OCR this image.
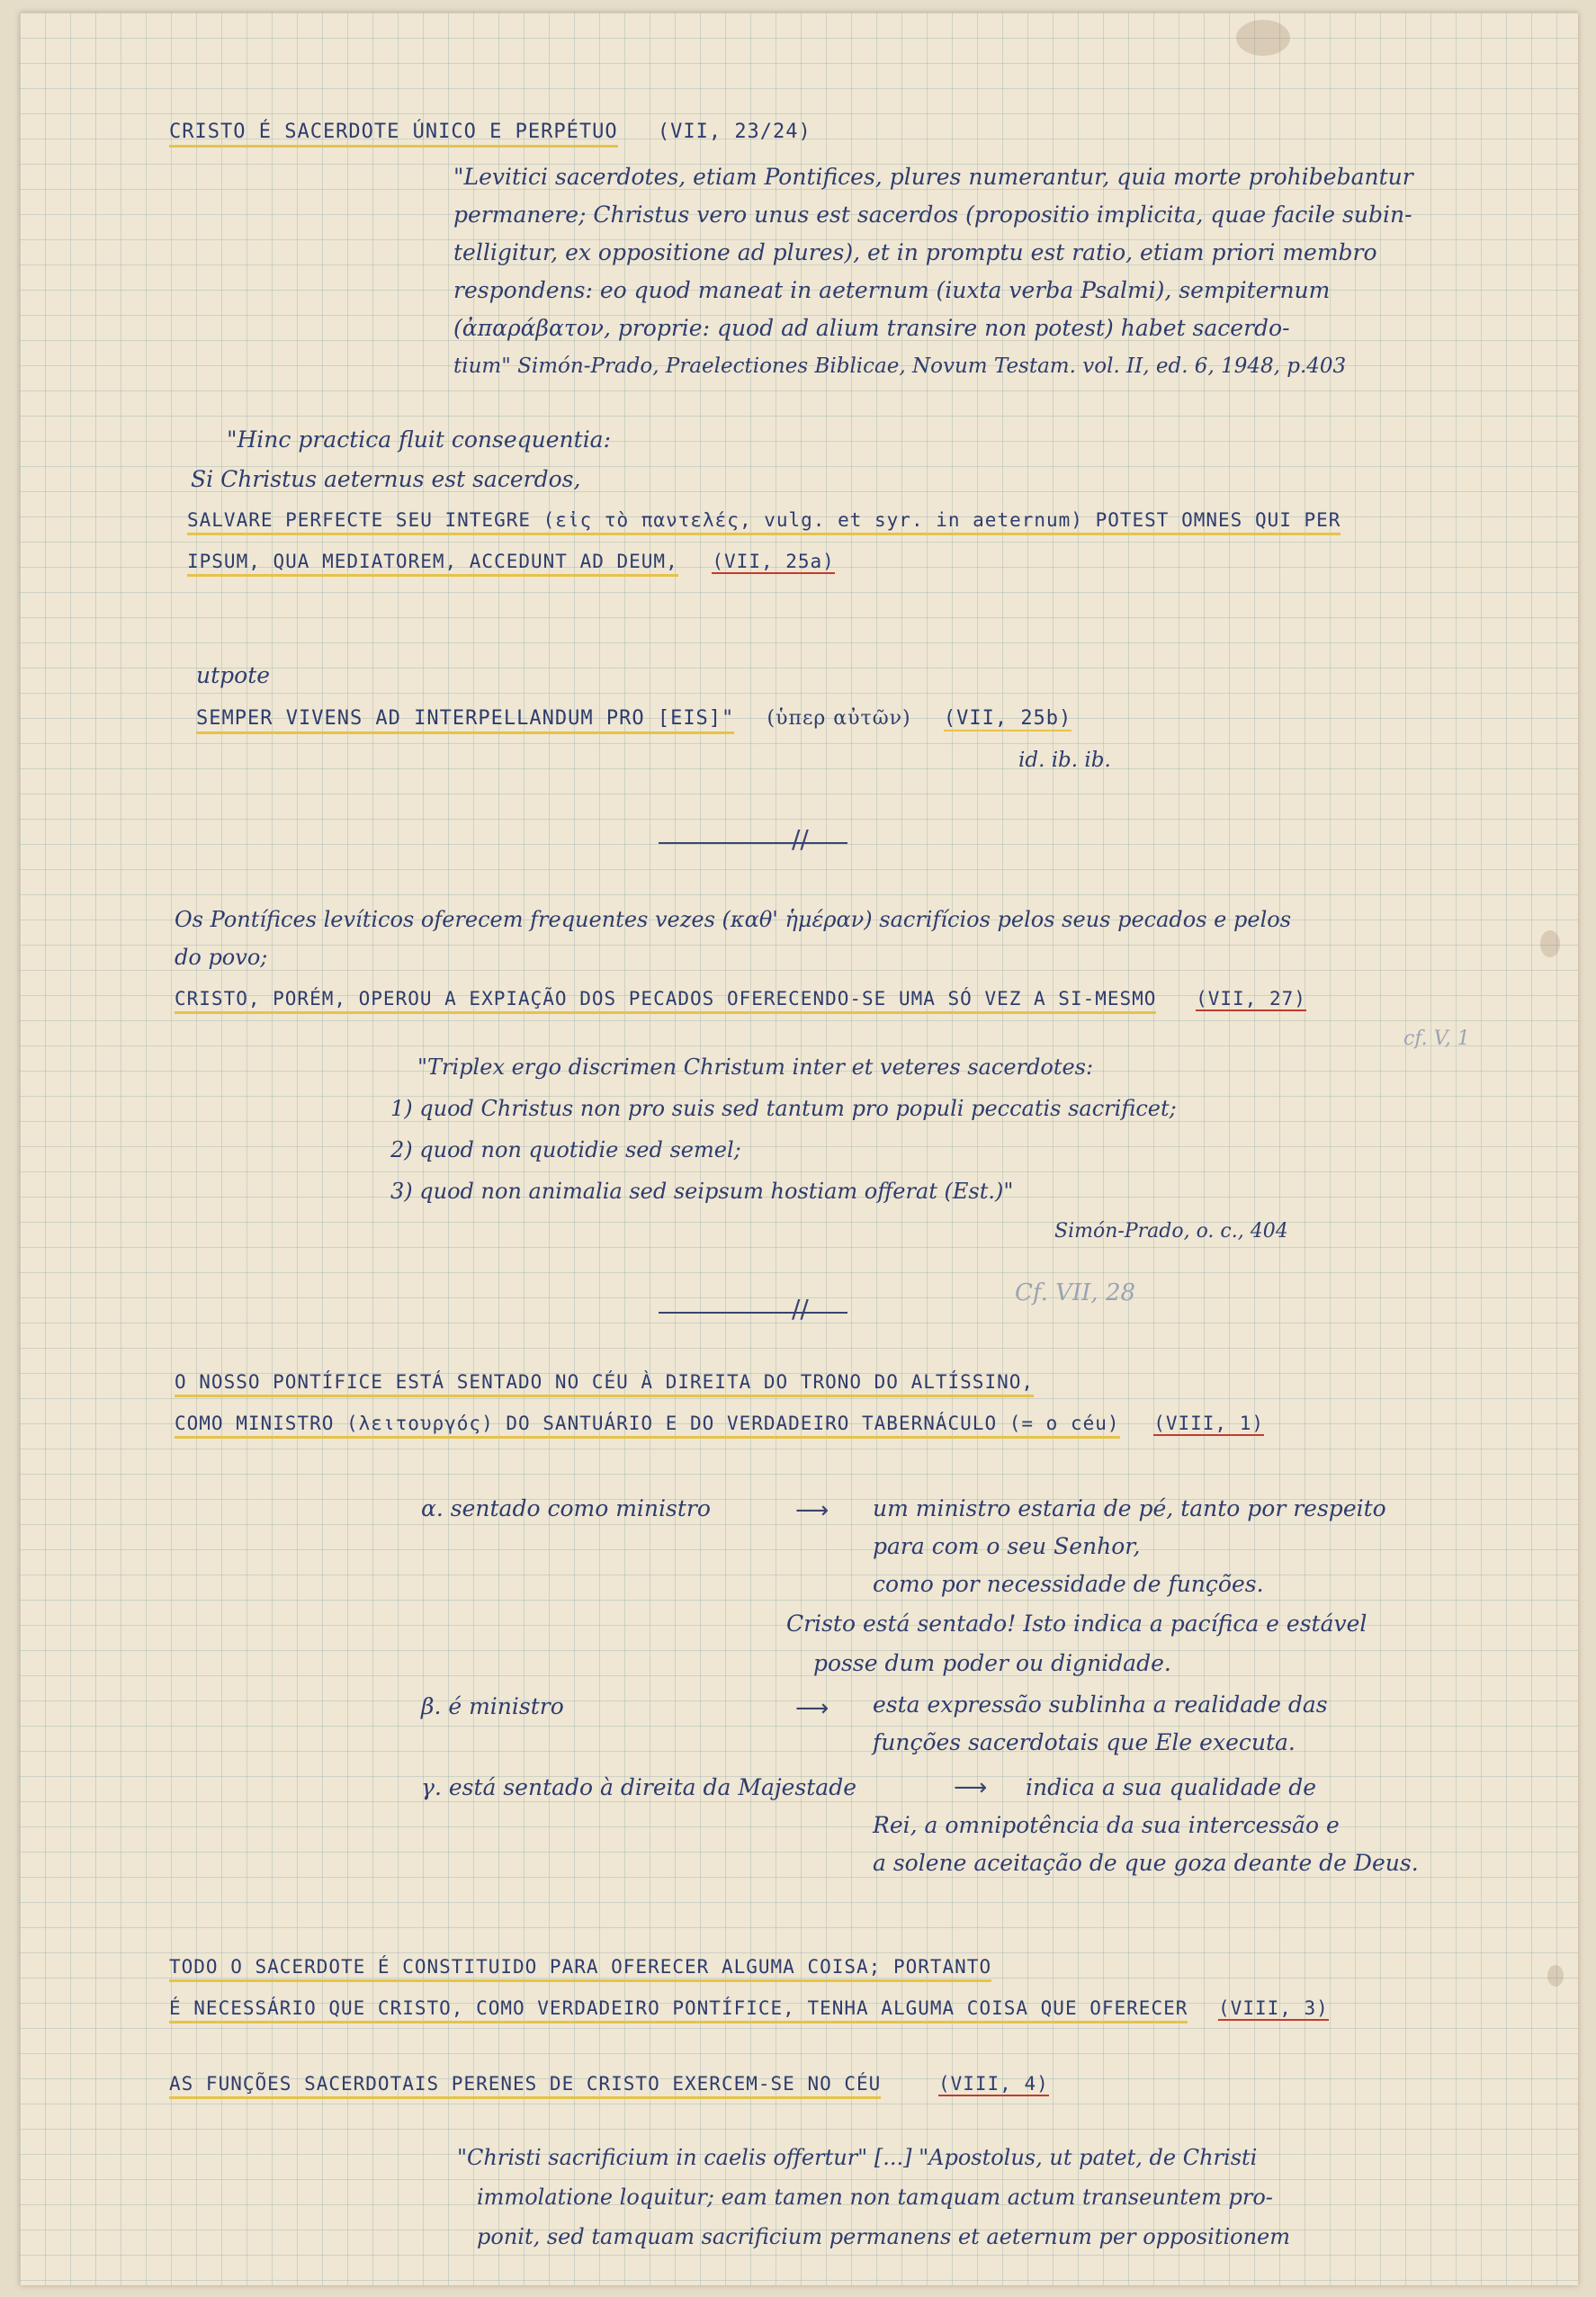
CRISTO É SACERDOTE ÚNICO E PERPÉTUO (VII, 23/24)
"Levitici sacerdotes, etiam Pontifices, plures numerantur, quia morte prohibebantur
permanere; Christus vero unus est sacerdos (propositio implicita, quae facile subin-
telligitur, ex oppositione ad plures), et in promptu est ratio, etiam priori membro
respondens: eo quod maneat in aeternum (iuxta verba Psalmi), sempiternum
(ἀπαράβατον, proprie: quod ad alium transire non potest) habet sacerdo-
tium" Simón-Prado, Praelectiones Biblicae, Novum Testam. vol. II, ed. 6, 1948, p.403
"Hinc practica fluit consequentia:
Si Christus aeternus est sacerdos,
SALVARE PERFECTE SEU INTEGRE (εἰς τὸ παντελές, vulg. et syr. in aeternum) POTEST OMNES QUI PER
IPSUM, QUA MEDIATOREM, ACCEDUNT AD DEUM, (VII, 25a)
utpote
SEMPER VIVENS AD INTERPELLANDUM PRO [EIS]" (ὑπερ αὐτῶν) (VII, 25b)
id. ib. ib.
//
Os Pontífices levíticos oferecem frequentes vezes (καθ' ἡμέραν) sacrifícios pelos seus pecados e pelos
do povo;
CRISTO, PORÉM, OPEROU A EXPIAÇÃO DOS PECADOS OFERECENDO-SE UMA SÓ VEZ A SI-MESMO (VII, 27)
cf. V, 1
"Triplex ergo discrimen Christum inter et veteres sacerdotes:
1) quod Christus non pro suis sed tantum pro populi peccatis sacrificet;
2) quod non quotidie sed semel;
3) quod non animalia sed seipsum hostiam offerat (Est.)"
Simón-Prado, o. c., 404
//
Cf. VII, 28
O NOSSO PONTÍFICE ESTÁ SENTADO NO CÉU À DIREITA DO TRONO DO ALTÍSSINO,
COMO MINISTRO (λειτουργός) DO SANTUÁRIO E DO VERDADEIRO TABERNÁCULO (= o céu) (VIII, 1)
α. sentado como ministro	⟶ um ministro estaria de pé, tanto por respeito
para com o seu Senhor,
como por necessidade de funções.
Cristo está sentado! Isto indica a pacífica e estável
posse dum poder ou dignidade.
β. é ministro	⟶ esta expressão sublinha a realidade das
funções sacerdotais que Ele executa.
γ. está sentado à direita da Majestade	⟶ indica a sua qualidade de
Rei, a omnipotência da sua intercessão e
a solene aceitação de que goza deante de Deus.
TODO O SACERDOTE É CONSTITUIDO PARA OFERECER ALGUMA COISA; PORTANTO
É NECESSÁRIO QUE CRISTO, COMO VERDADEIRO PONTÍFICE, TENHA ALGUMA COISA QUE OFERECER (VIII, 3)
AS FUNÇÕES SACERDOTAIS PERENES DE CRISTO EXERCEM-SE NO CÉU	(VIII, 4)
"Christi sacrificium in caelis offertur" [...] "Apostolus, ut patet, de Christi
immolatione loquitur; eam tamen non tamquam actum transeuntem pro-
ponit, sed tamquam sacrificium permanens et aeternum per oppositionem
